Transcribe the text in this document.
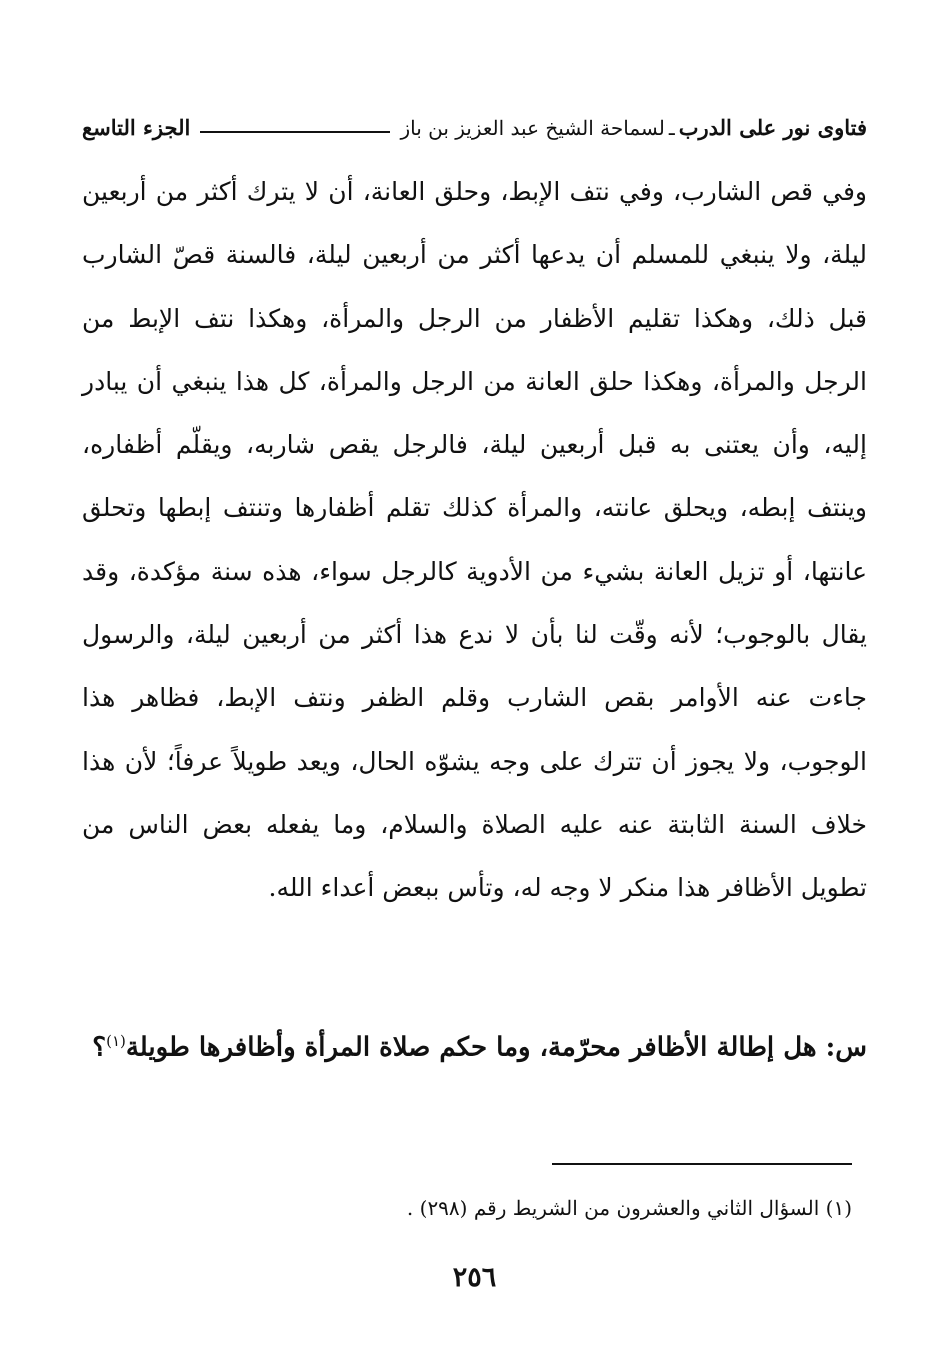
فتاوى نور على الدرب
ـ
لسماحة الشيخ عبد العزيز بن باز
الجزء التاسع

وفي قص الشارب، وفي نتف الإبط، وحلق العانة، أن لا يترك أكثر من أربعين ليلة، ولا ينبغي للمسلم أن يدعها أكثر من أربعين ليلة، فالسنة قصّ الشارب قبل ذلك، وهكذا تقليم الأظفار من الرجل والمرأة، وهكذا نتف الإبط من الرجل والمرأة، وهكذا حلق العانة من الرجل والمرأة، كل هذا ينبغي أن يبادر إليه، وأن يعتنى به قبل أربعين ليلة، فالرجل يقص شاربه، ويقلّم أظفاره، وينتف إبطه، ويحلق عانته، والمرأة كذلك تقلم أظفارها وتنتف إبطها وتحلق عانتها، أو تزيل العانة بشيء من الأدوية كالرجل سواء، هذه سنة مؤكدة، وقد يقال بالوجوب؛ لأنه وقّت لنا بأن لا ندع هذا أكثر من أربعين ليلة، والرسول جاءت عنه الأوامر بقص الشارب وقلم الظفر ونتف الإبط، فظاهر هذا الوجوب، ولا يجوز أن تترك على وجه يشوّه الحال، ويعد طويلاً عرفاً؛ لأن هذا خلاف السنة الثابتة عنه عليه الصلاة والسلام، وما يفعله بعض الناس من تطويل الأظافر هذا منكر لا وجه له، وتأس ببعض أعداء الله.

س: هل إطالة الأظافر محرّمة، وما حكم صلاة المرأة وأظافرها طويلة$^{(١)}$؟

(١) السؤال الثاني والعشرون من الشريط رقم (٢٩٨) .
٢٥٦
